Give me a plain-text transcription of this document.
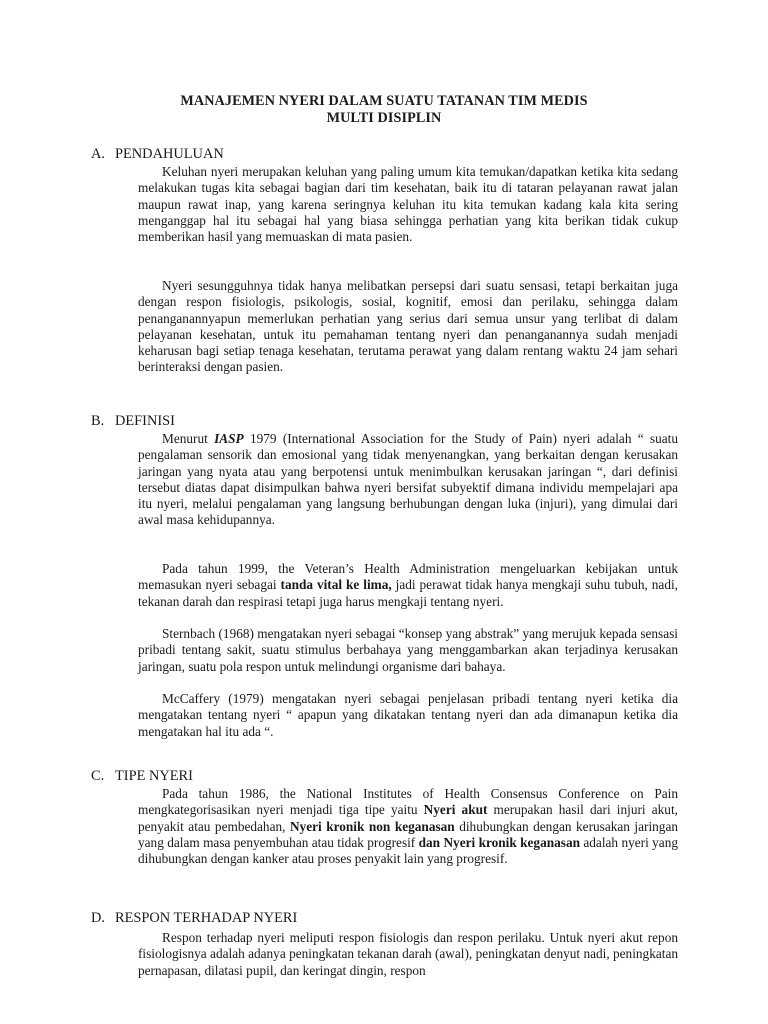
MANAJEMEN NYERI DALAM SUATU TATANAN TIM MEDIS
MULTI DISIPLIN
A. PENDAHULUAN

Keluhan nyeri merupakan keluhan yang paling umum kita temukan/dapatkan ketika kita sedang melakukan tugas kita sebagai bagian dari tim kesehatan, baik itu di tataran pelayanan rawat jalan maupun rawat inap, yang karena seringnya keluhan itu kita temukan kadang kala kita sering menganggap hal itu sebagai hal yang biasa sehingga perhatian yang kita berikan tidak cukup memberikan hasil yang memuaskan di mata pasien.

Nyeri sesungguhnya tidak hanya melibatkan persepsi dari suatu sensasi, tetapi berkaitan juga dengan respon fisiologis, psikologis, sosial, kognitif, emosi dan perilaku, sehingga dalam penanganannyapun memerlukan perhatian yang serius dari semua unsur yang terlibat di dalam pelayanan kesehatan, untuk itu pemahaman tentang nyeri dan penanganannya sudah menjadi keharusan bagi setiap tenaga kesehatan, terutama perawat yang dalam rentang waktu 24 jam sehari berinteraksi dengan pasien.

B. DEFINISI

Menurut IASP 1979 (International Association for the Study of Pain) nyeri adalah “ suatu pengalaman sensorik dan emosional yang tidak menyenangkan, yang berkaitan dengan kerusakan jaringan yang nyata atau yang berpotensi untuk menimbulkan kerusakan jaringan “, dari definisi tersebut diatas dapat disimpulkan bahwa nyeri bersifat subyektif dimana individu mempelajari apa itu nyeri, melalui pengalaman yang langsung berhubungan dengan luka (injuri), yang dimulai dari awal masa kehidupannya.

Pada tahun 1999, the Veteran’s Health Administration mengeluarkan kebijakan untuk memasukan nyeri sebagai tanda vital ke lima, jadi perawat tidak hanya mengkaji suhu tubuh, nadi, tekanan darah dan respirasi tetapi juga harus mengkaji tentang nyeri.

Sternbach (1968) mengatakan nyeri sebagai “konsep yang abstrak” yang merujuk kepada sensasi pribadi tentang sakit, suatu stimulus berbahaya yang menggambarkan akan terjadinya kerusakan jaringan, suatu pola respon untuk melindungi organisme dari bahaya.

McCaffery (1979) mengatakan nyeri sebagai penjelasan pribadi tentang nyeri ketika dia mengatakan tentang nyeri “ apapun yang dikatakan tentang nyeri dan ada dimanapun ketika dia mengatakan hal itu ada “.

C. TIPE NYERI

Pada tahun 1986, the National Institutes of Health Consensus Conference on Pain mengkategorisasikan nyeri menjadi tiga tipe yaitu Nyeri akut merupakan hasil dari injuri akut, penyakit atau pembedahan, Nyeri kronik non keganasan dihubungkan dengan kerusakan jaringan yang dalam masa penyembuhan atau tidak progresif dan Nyeri kronik keganasan adalah nyeri yang dihubungkan dengan kanker atau proses penyakit lain yang progresif.

D. RESPON TERHADAP NYERI

Respon terhadap nyeri meliputi respon fisiologis dan respon perilaku. Untuk nyeri akut repon fisiologisnya adalah adanya peningkatan tekanan darah (awal), peningkatan denyut nadi, peningkatan pernapasan, dilatasi pupil, dan keringat dingin, respon
